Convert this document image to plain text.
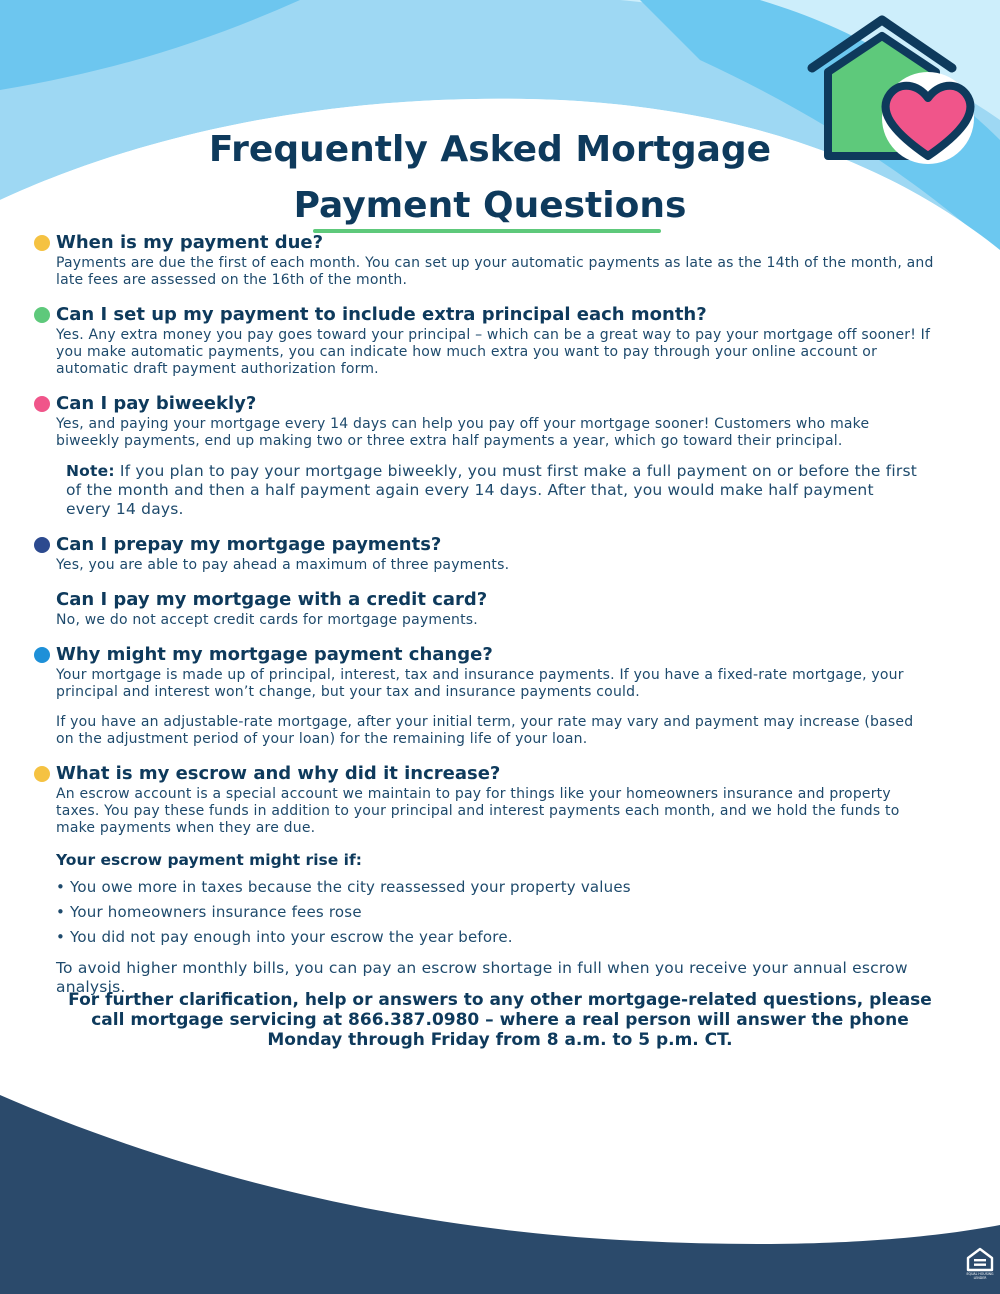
Frequently Asked Mortgage
Payment Questions

When is my payment due?

Payments are due the first of each month. You can set up your automatic payments as late as the 14th of the month, and late fees are assessed on the 16th of the month.

Can I set up my payment to include extra principal each month?

Yes. Any extra money you pay goes toward your principal – which can be a great way to pay your mortgage off sooner! If you make automatic payments, you can indicate how much extra you want to pay through your online account or automatic draft payment authorization form.

Can I pay biweekly?

Yes, and paying your mortgage every 14 days can help you pay off your mortgage sooner! Customers who make biweekly payments, end up making two or three extra half payments a year, which go toward their principal.

Note: If you plan to pay your mortgage biweekly, you must first make a full payment on or before the first of the month and then a half payment again every 14 days. After that, you would make half payment every 14 days.

Can I prepay my mortgage payments?

Yes, you are able to pay ahead a maximum of three payments.

Can I pay my mortgage with a credit card?

No, we do not accept credit cards for mortgage payments.

Why might my mortgage payment change?

Your mortgage is made up of principal, interest, tax and insurance payments. If you have a fixed-rate mortgage, your principal and interest won’t change, but your tax and insurance payments could.

If you have an adjustable-rate mortgage, after your initial term, your rate may vary and payment may increase (based on the adjustment period of your loan) for the remaining life of your loan.

What is my escrow and why did it increase?

An escrow account is a special account we maintain to pay for things like your homeowners insurance and property taxes. You pay these funds in addition to your principal and interest payments each month, and we hold the funds to make payments when they are due.

Your escrow payment might rise if:

• You owe more in taxes because the city reassessed your property values

• Your homeowners insurance fees rose

• You did not pay enough into your escrow the year before.

To avoid higher monthly bills, you can pay an escrow shortage in full when you receive your annual escrow analysis.

For further clarification, help or answers to any other mortgage-related questions, please call mortgage servicing at 866.387.0980 – where a real person will answer the phone Monday through Friday from 8 a.m. to 5 p.m. CT.

EQUAL HOUSING
LENDER
